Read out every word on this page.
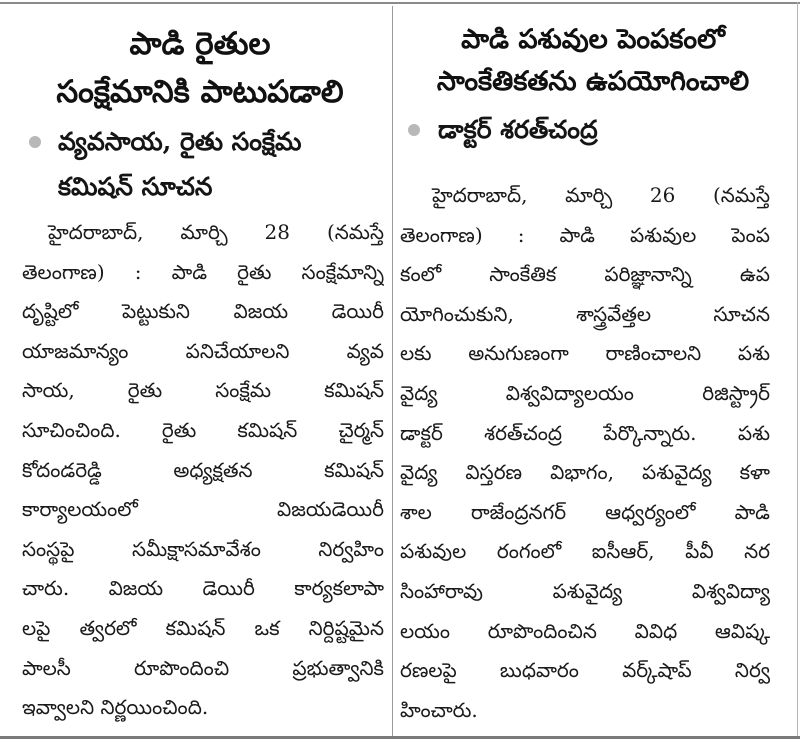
పాడి రైతుల
సంక్షేమానికి పాటుపడాలి
వ్యవసాయ, రైతు సంక్షేమ
కమిషన్ సూచన
హైదరాబాద్, మార్చి 28 (నమస్తే
తెలంగాణ) : పాడి రైతు సంక్షేమాన్ని
దృష్టిలో పెట్టుకుని విజయ డెయిరీ
యాజమాన్యం పనిచేయాలని వ్యవ
సాయ, రైతు సంక్షేమ కమిషన్
సూచించింది. రైతు కమిషన్ చైర్మన్
కోదండరెడ్డి అధ్యక్షతన కమిషన్
కార్యాలయంలో విజయడెయిరీ
సంస్థపై సమీక్షాసమావేశం నిర్వహిం
చారు. విజయ డెయిరీ కార్యకలాపా
లపై త్వరలో కమిషన్ ఒక నిర్దిష్టమైన
పాలసీ రూపొందించి ప్రభుత్వానికి
ఇవ్వాలని నిర్ణయించింది.
పాడి పశువుల పెంపకంలో
సాంకేతికతను ఉపయోగించాలి
డాక్టర్ శరత్‌చంద్ర
హైదరాబాద్, మార్చి 26 (నమస్తే
తెలంగాణ) : పాడి పశువుల పెంప
కంలో సాంకేతిక పరిజ్ఞానాన్ని ఉప
యోగించుకుని, శాస్త్రవేత్తల సూచన
లకు అనుగుణంగా రాణించాలని పశు
వైద్య విశ్వవిద్యాలయం రిజిస్ట్రార్
డాక్టర్ శరత్‌చంద్ర పేర్కొన్నారు. పశు
వైద్య విస్తరణ విభాగం, పశువైద్య కళా
శాల రాజేంద్రనగర్ ఆధ్వర్యంలో పాడి
పశువుల రంగంలో ఐసీఆర్, పీవీ నర
సింహారావు పశువైద్య విశ్వవిద్యా
లయం రూపొందించిన వివిధ ఆవిష్క
రణలపై బుధవారం వర్క్‌షాప్ నిర్వ
హించారు.
